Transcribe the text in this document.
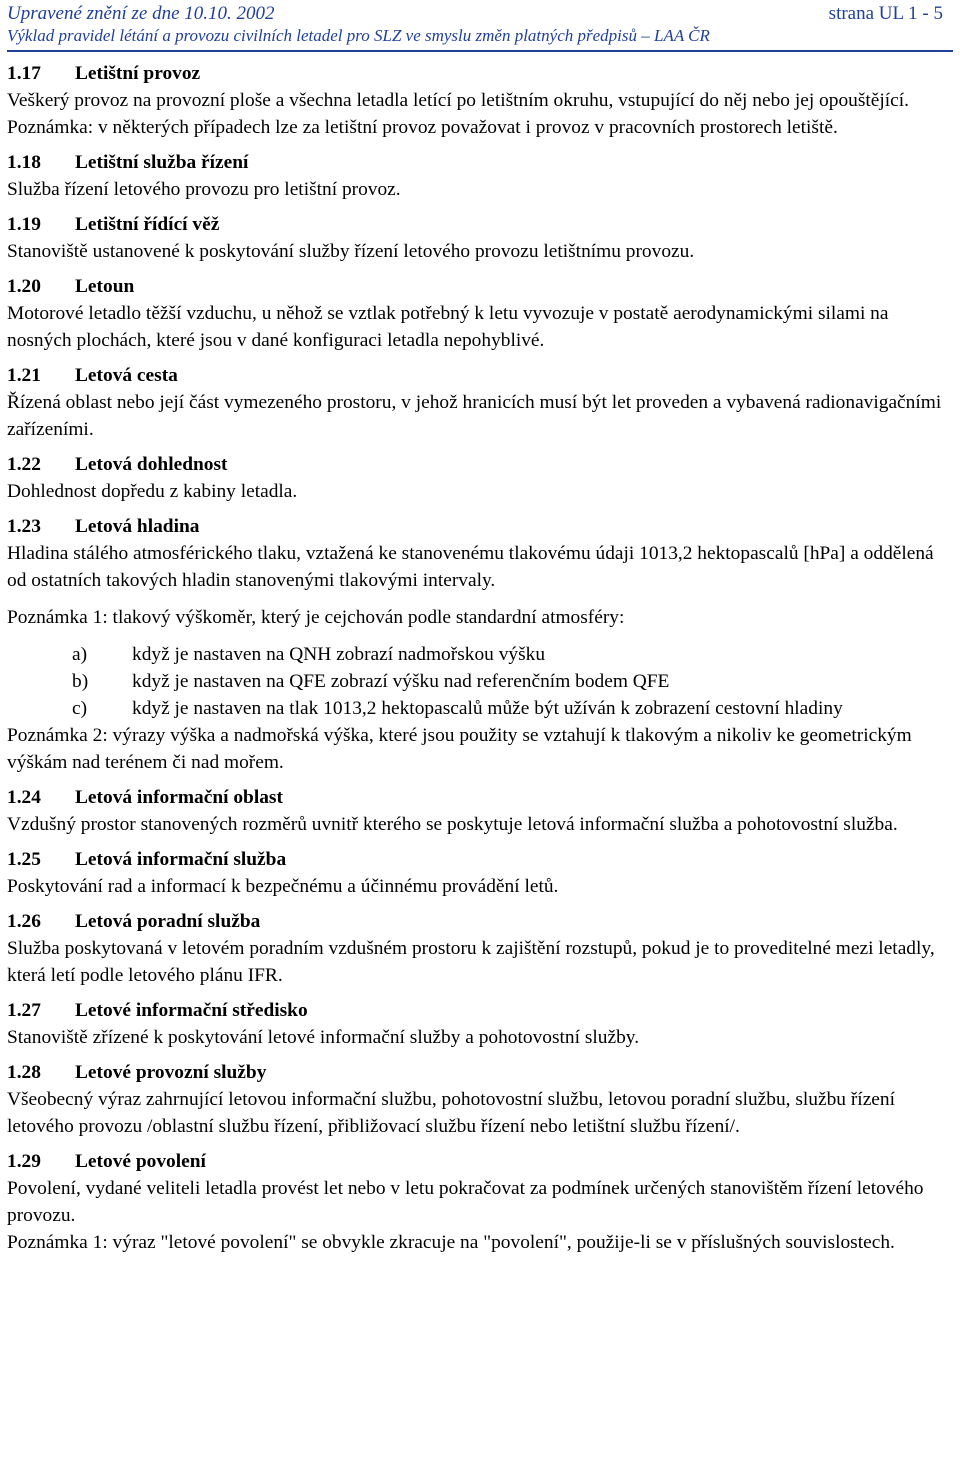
Upravené znění ze dne 10.10. 2002	strana UL 1 - 5
Výklad pravidel létání a provozu civilních letadel pro SLZ ve smyslu změn platných předpisů – LAA ČR
1.17 Letištní provoz

Veškerý provoz na provozní ploše a všechna letadla letící po letištním okruhu, vstupující do něj nebo jej opouštějící.

Poznámka: v některých případech lze za letištní provoz považovat i provoz v pracovních prostorech letiště.

1.18 Letištní služba řízení

Služba řízení letového provozu pro letištní provoz.

1.19 Letištní řídící věž

Stanoviště ustanovené k poskytování služby řízení letového provozu letištnímu provozu.

1.20 Letoun

Motorové letadlo těžší vzduchu, u něhož se vztlak potřebný k letu vyvozuje v postatě aerodynamickými silami na nosných plochách, které jsou v dané konfiguraci letadla nepohyblivé.

1.21 Letová cesta

Řízená oblast nebo její část vymezeného prostoru, v jehož hranicích musí být let proveden a vybavená radionavigačními zařízeními.

1.22 Letová dohlednost

Dohlednost dopředu z kabiny letadla.

1.23 Letová hladina

Hladina stálého atmosférického tlaku, vztažená ke stanovenému tlakovému údaji 1013,2 hektopascalů [hPa] a oddělená od ostatních takových hladin stanovenými tlakovými intervaly.

Poznámka 1: tlakový výškoměr, který je cejchován podle standardní atmosféry:

a)	když je nastaven na QNH zobrazí nadmořskou výšku
b)	když je nastaven na QFE zobrazí výšku nad referenčním bodem QFE
c)	když je nastaven na tlak 1013,2 hektopascalů může být užíván k zobrazení cestovní hladiny

Poznámka 2: výrazy výška a nadmořská výška, které jsou použity se vztahují k tlakovým a nikoliv ke geometrickým výškám nad terénem či nad mořem.

1.24 Letová informační oblast

Vzdušný prostor stanovených rozměrů uvnitř kterého se poskytuje letová informační služba a pohotovostní služba.

1.25 Letová informační služba

Poskytování rad a informací k bezpečnému a účinnému provádění letů.

1.26 Letová poradní služba

Služba poskytovaná v letovém poradním vzdušném prostoru k zajištění rozstupů, pokud je to proveditelné mezi letadly, která letí podle letového plánu IFR.

1.27 Letové informační středisko

Stanoviště zřízené k poskytování letové informační služby a pohotovostní služby.

1.28 Letové provozní služby

Všeobecný výraz zahrnující letovou informační službu, pohotovostní službu, letovou poradní službu, službu řízení letového provozu /oblastní službu řízení, přibližovací službu řízení nebo letištní službu řízení/.

1.29 Letové povolení

Povolení, vydané veliteli letadla provést let nebo v letu pokračovat za podmínek určených stanovištěm řízení letového provozu.

Poznámka 1: výraz "letové povolení" se obvykle zkracuje na "povolení", použije-li se v příslušných souvislostech.
